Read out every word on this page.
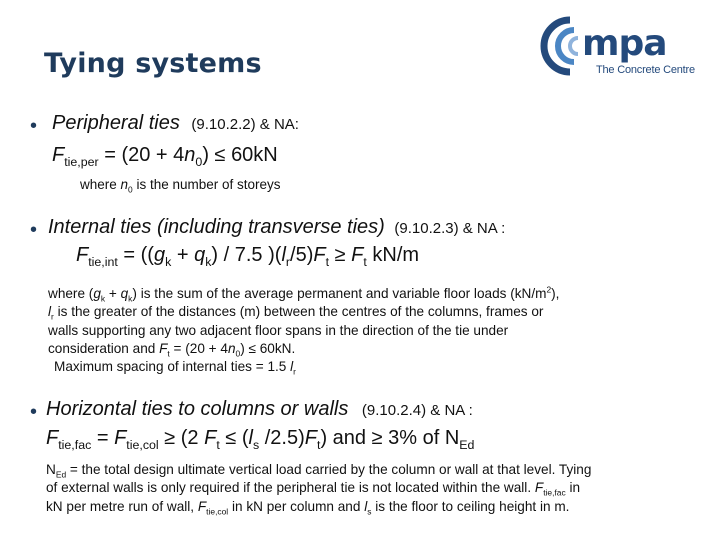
Tying systems	mpa
The Concrete Centre
• Peripheral ties (9.10.2.2) & NA:
$F_{tie,per} = (20 + 4n_0) \le 60kN$
where $n_0$ is the number of storeys
• Internal ties (including transverse ties) (9.10.2.3) & NA :
$F_{tie,int} = ((g_k + q_k) / 7.5$ )$(l_r/5)F_t \ge F_t$ kN/m
where $(g_k + q_k)$ is the sum of the average permanent and variable floor loads $(kN/m^2)$,
$l_r$ is the greater of the distances (m) between the centres of the columns, frames or
walls supporting any two adjacent floor spans in the direction of the tie under
consideration and $F_t = (20 + 4n_0) \le 60kN$.
Maximum spacing of internal ties = 1.5 $l_r$
• Horizontal ties to columns or walls (9.10.2.4) & NA :
$F_{tie,fac} = F_{tie,col} \ge (2$ $F_t \le (l_s$ $/2.5)F_t$) and ≥ 3% of $N_{Ed}$
$N_{Ed}$ = the total design ultimate vertical load carried by the column or wall at that level. Tying
of external walls is only required if the peripheral tie is not located within the wall. $F_{tie,fac}$ in
kN per metre run of wall, $F_{tie,col}$ in kN per column and $l_s$ is the floor to ceiling height in m.
